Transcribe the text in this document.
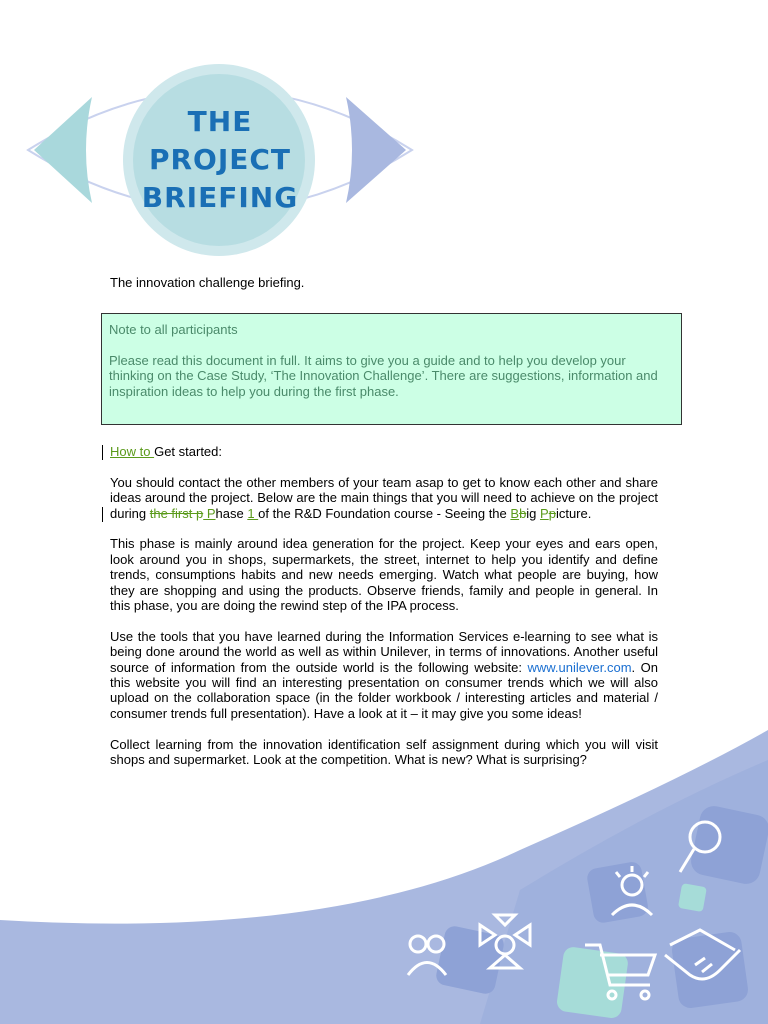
THE
PROJECT
BRIEFING
The innovation challenge briefing.

Note to all participants

Please read this document in full. It aims to give you a guide and to help you develop your thinking on the Case Study, ‘The Innovation Challenge’. There are suggestions, information and inspiration ideas to help you during the first phase.

How to Get started:

You should contact the other members of your team asap to get to know each other and share ideas around the project. Below are the main things that you will need to achieve on the project during the first p Phase 1 of the R&D Foundation course - Seeing the Bbig Ppicture.

This phase is mainly around idea generation for the project. Keep your eyes and ears open, look around you in shops, supermarkets, the street, internet to help you identify and define trends, consumptions habits and new needs emerging. Watch what people are buying, how they are shopping and using the products. Observe friends, family and people in general. In this phase, you are doing the rewind step of the IPA process.

Use the tools that you have learned during the Information Services e-learning to see what is being done around the world as well as within Unilever, in terms of innovations. Another useful source of information from the outside world is the following website: www.unilever.com. On this website you will find an interesting presentation on consumer trends which we will also upload on the collaboration space (in the folder workbook / interesting articles and material / consumer trends full presentation). Have a look at it – it may give you some ideas!

Collect learning from the innovation identification self assignment during which you will visit shops and supermarket. Look at the competition. What is new? What is surprising?
